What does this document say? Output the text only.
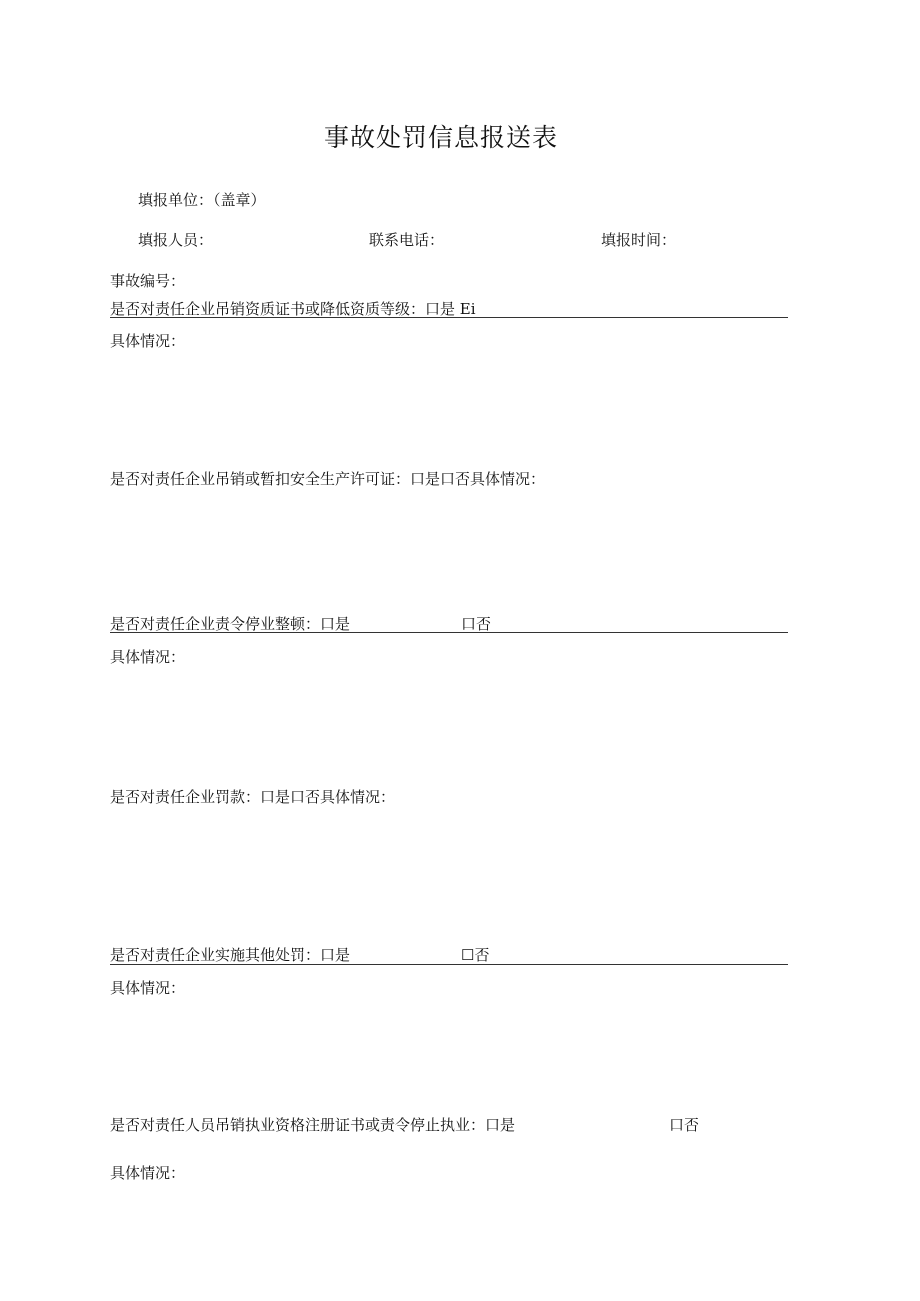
事故处罚信息报送表
填报单位：（盖章）
填报人员：	联系电话：	填报时间：
事故编号：
是否对责任企业吊销资质证书或降低资质等级：口是 Ei
具体情况：
是否对责任企业吊销或暂扣安全生产许可证：口是口否具体情况：
是否对责任企业责令停业整顿：口是	口否
具体情况：
是否对责任企业罚款：口是口否具体情况：
是否对责任企业实施其他处罚：口是	☐否
具体情况：
是否对责任人员吊销执业资格注册证书或责令停止执业：口是	口否
具体情况：
